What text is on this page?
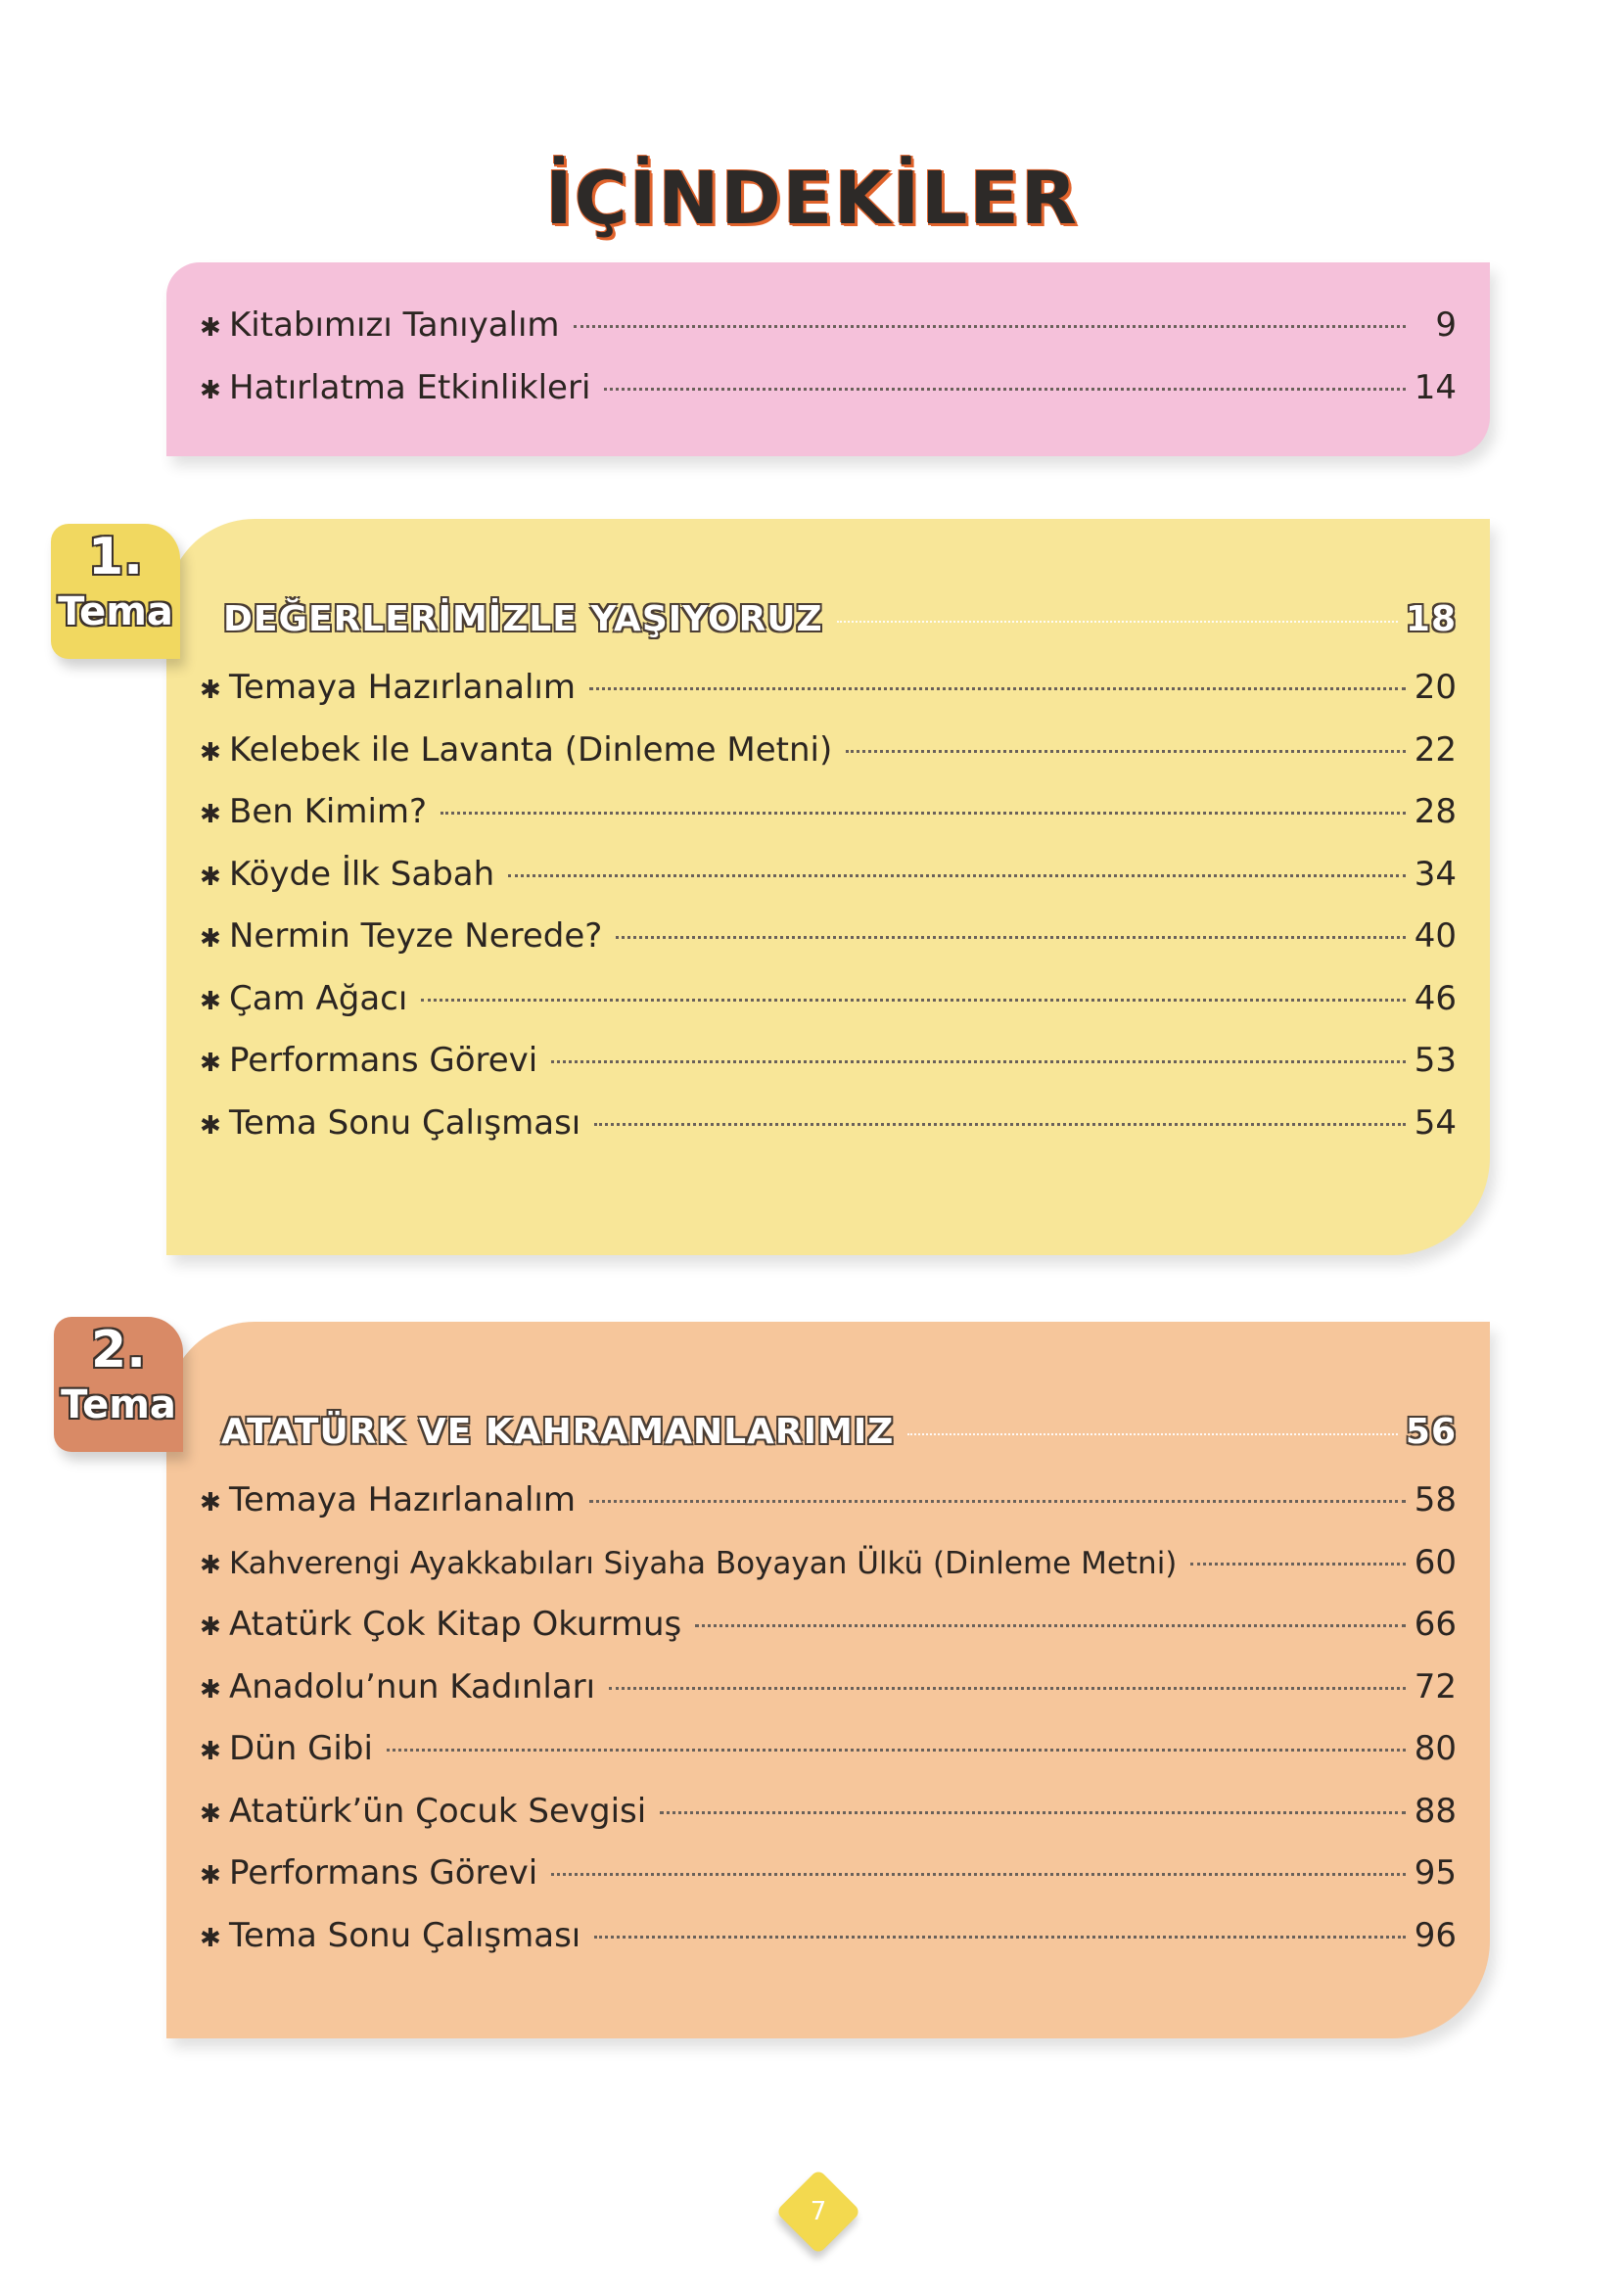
İÇİNDEKİLER
✱ Kitabımızı Tanıyalım	9
✱ Hatırlatma Etkinlikleri	14
DEĞERLERİMİZLE YAŞIYORUZ	18
✱ Temaya Hazırlanalım	20
✱ Kelebek ile Lavanta (Dinleme Metni)	22
✱ Ben Kimim?	28
✱ Köyde İlk Sabah	34
✱ Nermin Teyze Nerede?	40
✱ Çam Ağacı	46
✱ Performans Görevi	53
✱ Tema Sonu Çalışması	54
1.
Tema
ATATÜRK VE KAHRAMANLARIMIZ	56
✱ Temaya Hazırlanalım	58
✱ Kahverengi Ayakkabıları Siyaha Boyayan Ülkü (Dinleme Metni)	60
✱ Atatürk Çok Kitap Okurmuş	66
✱ Anadolu’nun Kadınları	72
✱ Dün Gibi	80
✱ Atatürk’ün Çocuk Sevgisi	88
✱ Performans Görevi	95
✱ Tema Sonu Çalışması	96
2.
Tema
7
